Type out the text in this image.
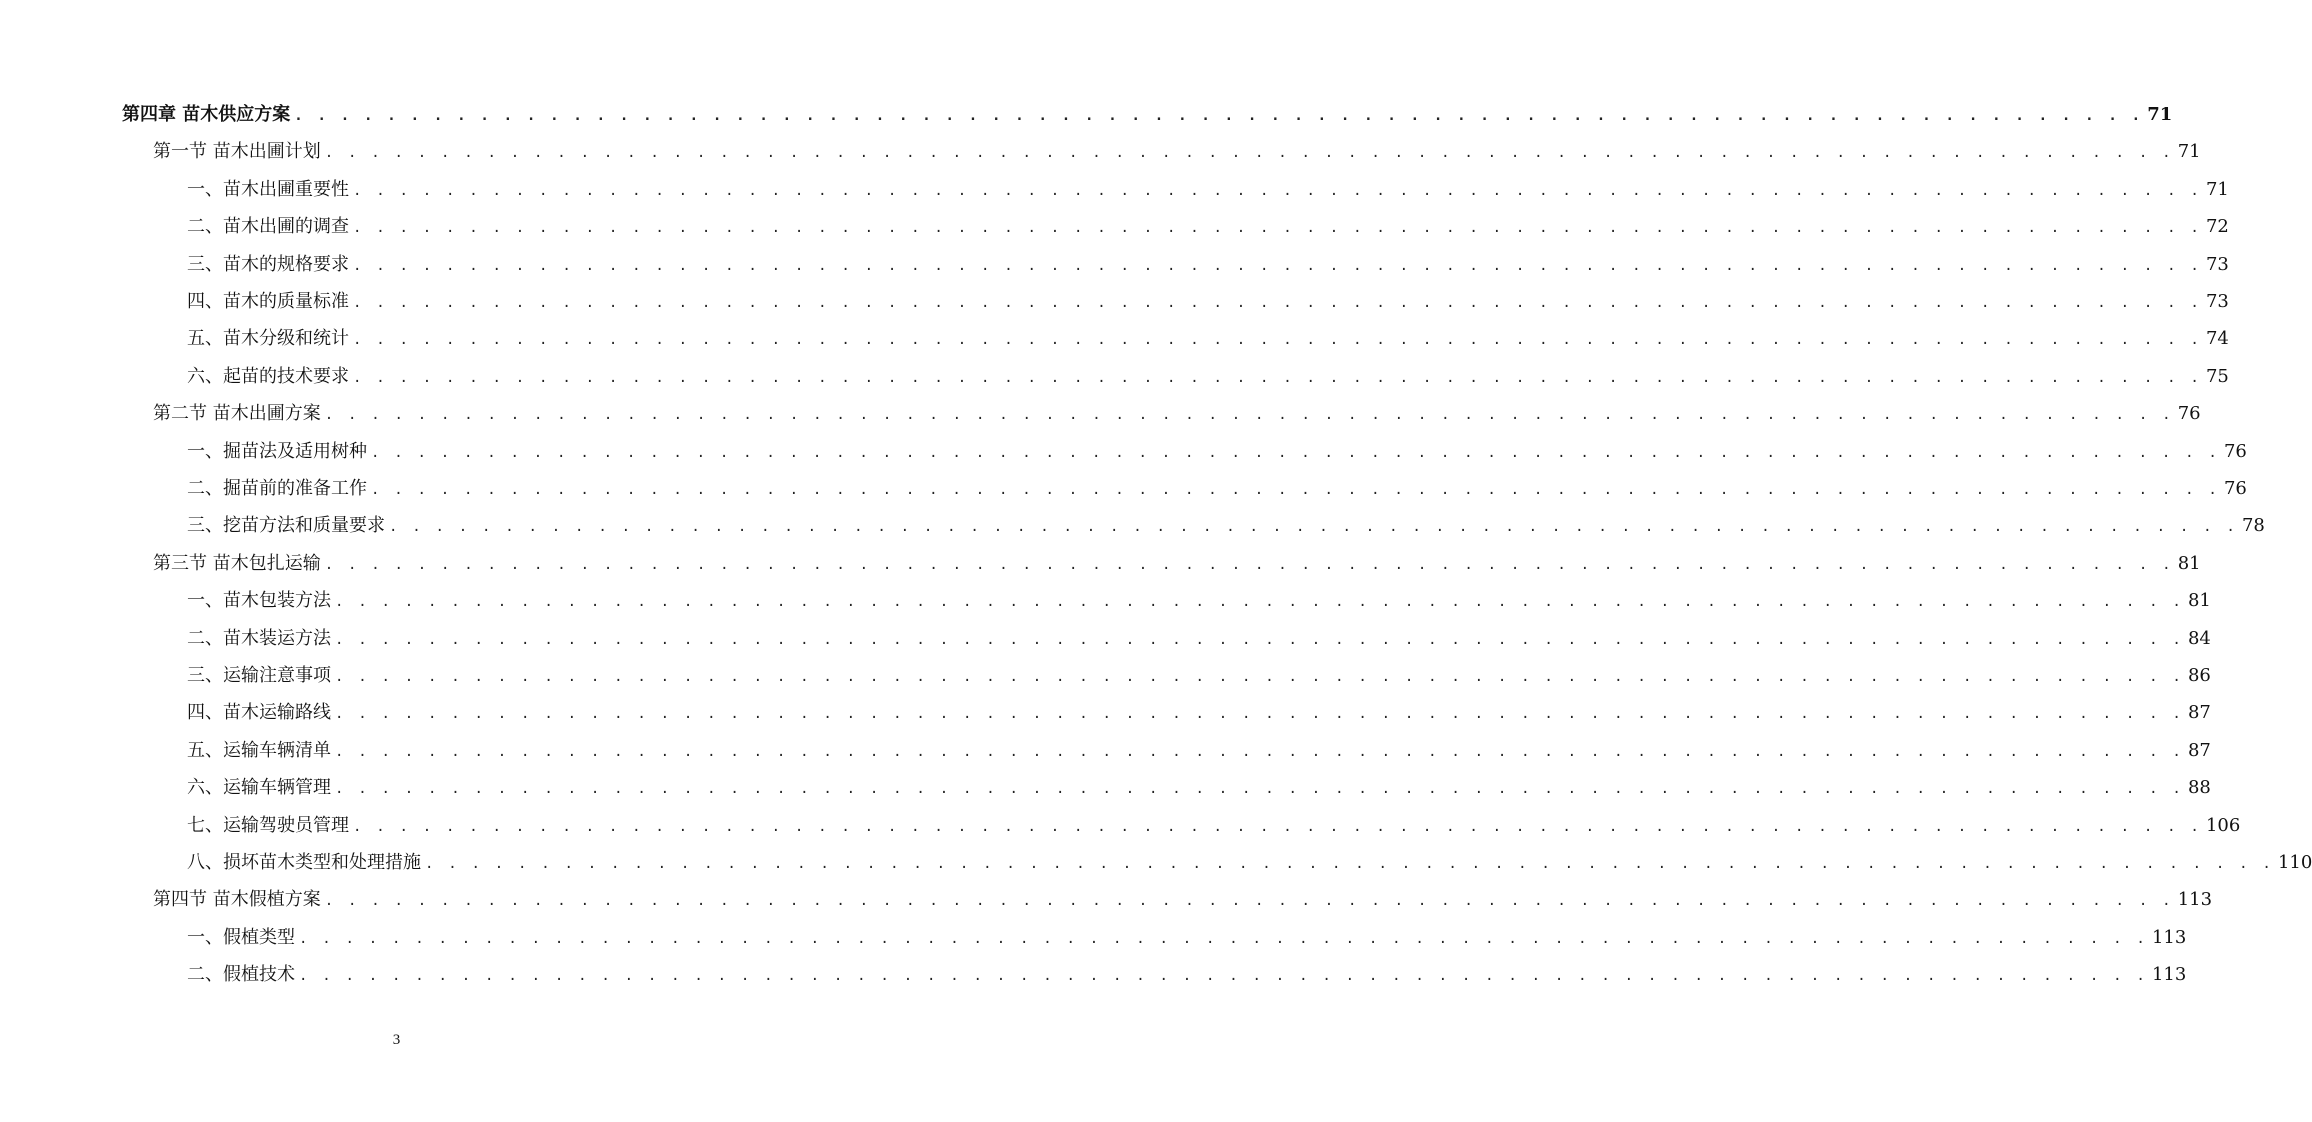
第四章 苗木供应方案 . . . . . . . . . . . . . . . . . . . . . . . . . . . . . . . . . . . . . . . . . . . . . . . . . . . . . . . . . . . . . . . . . . . . . . . . . . . . . . . . 71
第一节 苗木出圃计划 . . . . . . . . . . . . . . . . . . . . . . . . . . . . . . . . . . . . . . . . . . . . . . . . . . . . . . . . . . . . . . . . . . . . . . . . . . . . . . . . 71
一、苗木出圃重要性 . . . . . . . . . . . . . . . . . . . . . . . . . . . . . . . . . . . . . . . . . . . . . . . . . . . . . . . . . . . . . . . . . . . . . . . . . . . . . . . . 71
二、苗木出圃的调查 . . . . . . . . . . . . . . . . . . . . . . . . . . . . . . . . . . . . . . . . . . . . . . . . . . . . . . . . . . . . . . . . . . . . . . . . . . . . . . . . 72
三、苗木的规格要求 . . . . . . . . . . . . . . . . . . . . . . . . . . . . . . . . . . . . . . . . . . . . . . . . . . . . . . . . . . . . . . . . . . . . . . . . . . . . . . . . 73
四、苗木的质量标准 . . . . . . . . . . . . . . . . . . . . . . . . . . . . . . . . . . . . . . . . . . . . . . . . . . . . . . . . . . . . . . . . . . . . . . . . . . . . . . . . 73
五、苗木分级和统计 . . . . . . . . . . . . . . . . . . . . . . . . . . . . . . . . . . . . . . . . . . . . . . . . . . . . . . . . . . . . . . . . . . . . . . . . . . . . . . . . 74
六、起苗的技术要求 . . . . . . . . . . . . . . . . . . . . . . . . . . . . . . . . . . . . . . . . . . . . . . . . . . . . . . . . . . . . . . . . . . . . . . . . . . . . . . . . 75
第二节 苗木出圃方案 . . . . . . . . . . . . . . . . . . . . . . . . . . . . . . . . . . . . . . . . . . . . . . . . . . . . . . . . . . . . . . . . . . . . . . . . . . . . . . . . 76
一、掘苗法及适用树种 . . . . . . . . . . . . . . . . . . . . . . . . . . . . . . . . . . . . . . . . . . . . . . . . . . . . . . . . . . . . . . . . . . . . . . . . . . . . . . . . 76
二、掘苗前的准备工作 . . . . . . . . . . . . . . . . . . . . . . . . . . . . . . . . . . . . . . . . . . . . . . . . . . . . . . . . . . . . . . . . . . . . . . . . . . . . . . . . 76
三、挖苗方法和质量要求 . . . . . . . . . . . . . . . . . . . . . . . . . . . . . . . . . . . . . . . . . . . . . . . . . . . . . . . . . . . . . . . . . . . . . . . . . . . . . . . . 78
第三节 苗木包扎运输 . . . . . . . . . . . . . . . . . . . . . . . . . . . . . . . . . . . . . . . . . . . . . . . . . . . . . . . . . . . . . . . . . . . . . . . . . . . . . . . . 81
一、苗木包装方法 . . . . . . . . . . . . . . . . . . . . . . . . . . . . . . . . . . . . . . . . . . . . . . . . . . . . . . . . . . . . . . . . . . . . . . . . . . . . . . . . 81
二、苗木装运方法 . . . . . . . . . . . . . . . . . . . . . . . . . . . . . . . . . . . . . . . . . . . . . . . . . . . . . . . . . . . . . . . . . . . . . . . . . . . . . . . . 84
三、运输注意事项 . . . . . . . . . . . . . . . . . . . . . . . . . . . . . . . . . . . . . . . . . . . . . . . . . . . . . . . . . . . . . . . . . . . . . . . . . . . . . . . . 86
四、苗木运输路线 . . . . . . . . . . . . . . . . . . . . . . . . . . . . . . . . . . . . . . . . . . . . . . . . . . . . . . . . . . . . . . . . . . . . . . . . . . . . . . . . 87
五、运输车辆清单 . . . . . . . . . . . . . . . . . . . . . . . . . . . . . . . . . . . . . . . . . . . . . . . . . . . . . . . . . . . . . . . . . . . . . . . . . . . . . . . . 87
六、运输车辆管理 . . . . . . . . . . . . . . . . . . . . . . . . . . . . . . . . . . . . . . . . . . . . . . . . . . . . . . . . . . . . . . . . . . . . . . . . . . . . . . . . 88
七、运输驾驶员管理 . . . . . . . . . . . . . . . . . . . . . . . . . . . . . . . . . . . . . . . . . . . . . . . . . . . . . . . . . . . . . . . . . . . . . . . . . . . . . . . . 106
八、损坏苗木类型和处理措施 . . . . . . . . . . . . . . . . . . . . . . . . . . . . . . . . . . . . . . . . . . . . . . . . . . . . . . . . . . . . . . . . . . . . . . . . . . . . . . . . 110
第四节 苗木假植方案 . . . . . . . . . . . . . . . . . . . . . . . . . . . . . . . . . . . . . . . . . . . . . . . . . . . . . . . . . . . . . . . . . . . . . . . . . . . . . . . . 113
一、假植类型 . . . . . . . . . . . . . . . . . . . . . . . . . . . . . . . . . . . . . . . . . . . . . . . . . . . . . . . . . . . . . . . . . . . . . . . . . . . . . . . . 113
二、假植技术 . . . . . . . . . . . . . . . . . . . . . . . . . . . . . . . . . . . . . . . . . . . . . . . . . . . . . . . . . . . . . . . . . . . . . . . . . . . . . . . . 113
3
